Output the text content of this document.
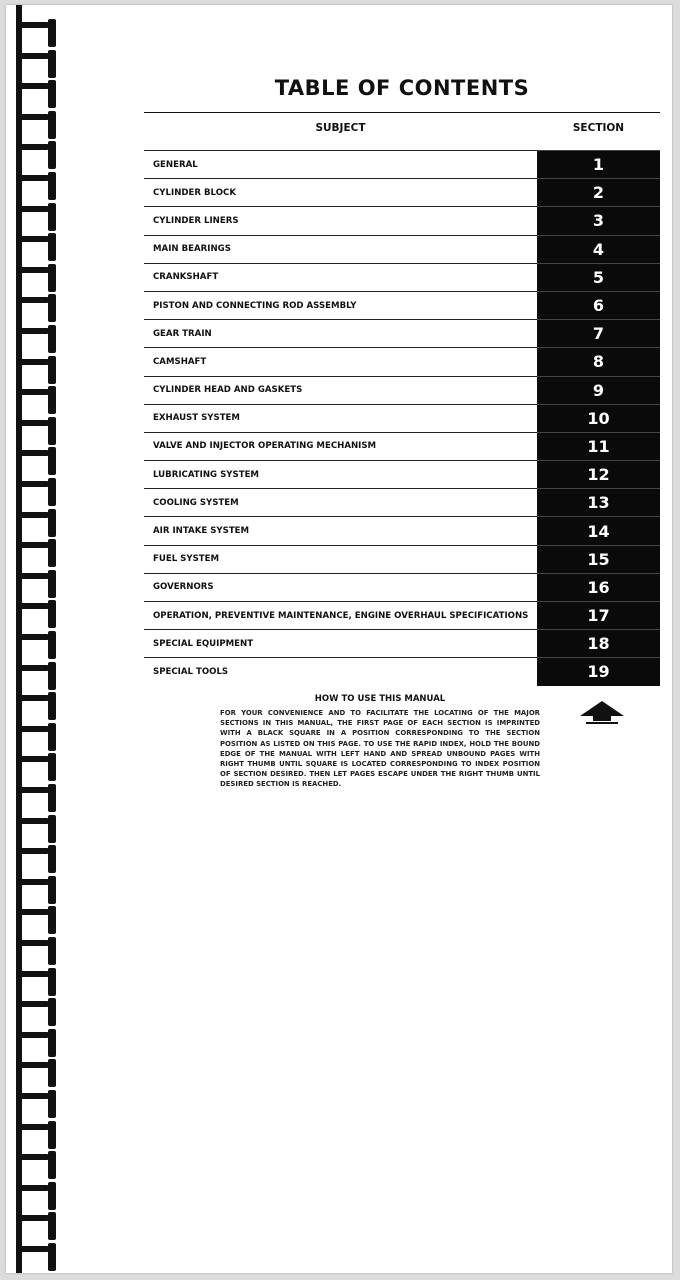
TABLE OF CONTENTS
SUBJECT	SECTION
GENERAL	1
CYLINDER BLOCK	2
CYLINDER LINERS	3
MAIN BEARINGS	4
CRANKSHAFT	5
PISTON AND CONNECTING ROD ASSEMBLY	6
GEAR TRAIN	7
CAMSHAFT	8
CYLINDER HEAD AND GASKETS	9
EXHAUST SYSTEM	10
VALVE AND INJECTOR OPERATING MECHANISM	11
LUBRICATING SYSTEM	12
COOLING SYSTEM	13
AIR INTAKE SYSTEM	14
FUEL SYSTEM	15
GOVERNORS	16
OPERATION, PREVENTIVE MAINTENANCE, ENGINE OVERHAUL SPECIFICATIONS	17
SPECIAL EQUIPMENT	18
SPECIAL TOOLS	19
HOW TO USE THIS MANUAL
FOR YOUR CONVENIENCE AND TO FACILITATE THE LOCATING OF THE MAJOR SECTIONS IN THIS MANUAL, THE FIRST PAGE OF EACH SECTION IS IMPRINTED WITH A BLACK SQUARE IN A POSITION CORRESPONDING TO THE SECTION POSITION AS LISTED ON THIS PAGE. TO USE THE RAPID INDEX, HOLD THE BOUND EDGE OF THE MANUAL WITH LEFT HAND AND SPREAD UNBOUND PAGES WITH RIGHT THUMB UNTIL SQUARE IS LOCATED CORRESPONDING TO INDEX POSITION OF SECTION DESIRED. THEN LET PAGES ESCAPE UNDER THE RIGHT THUMB UNTIL DESIRED SECTION IS REACHED.
